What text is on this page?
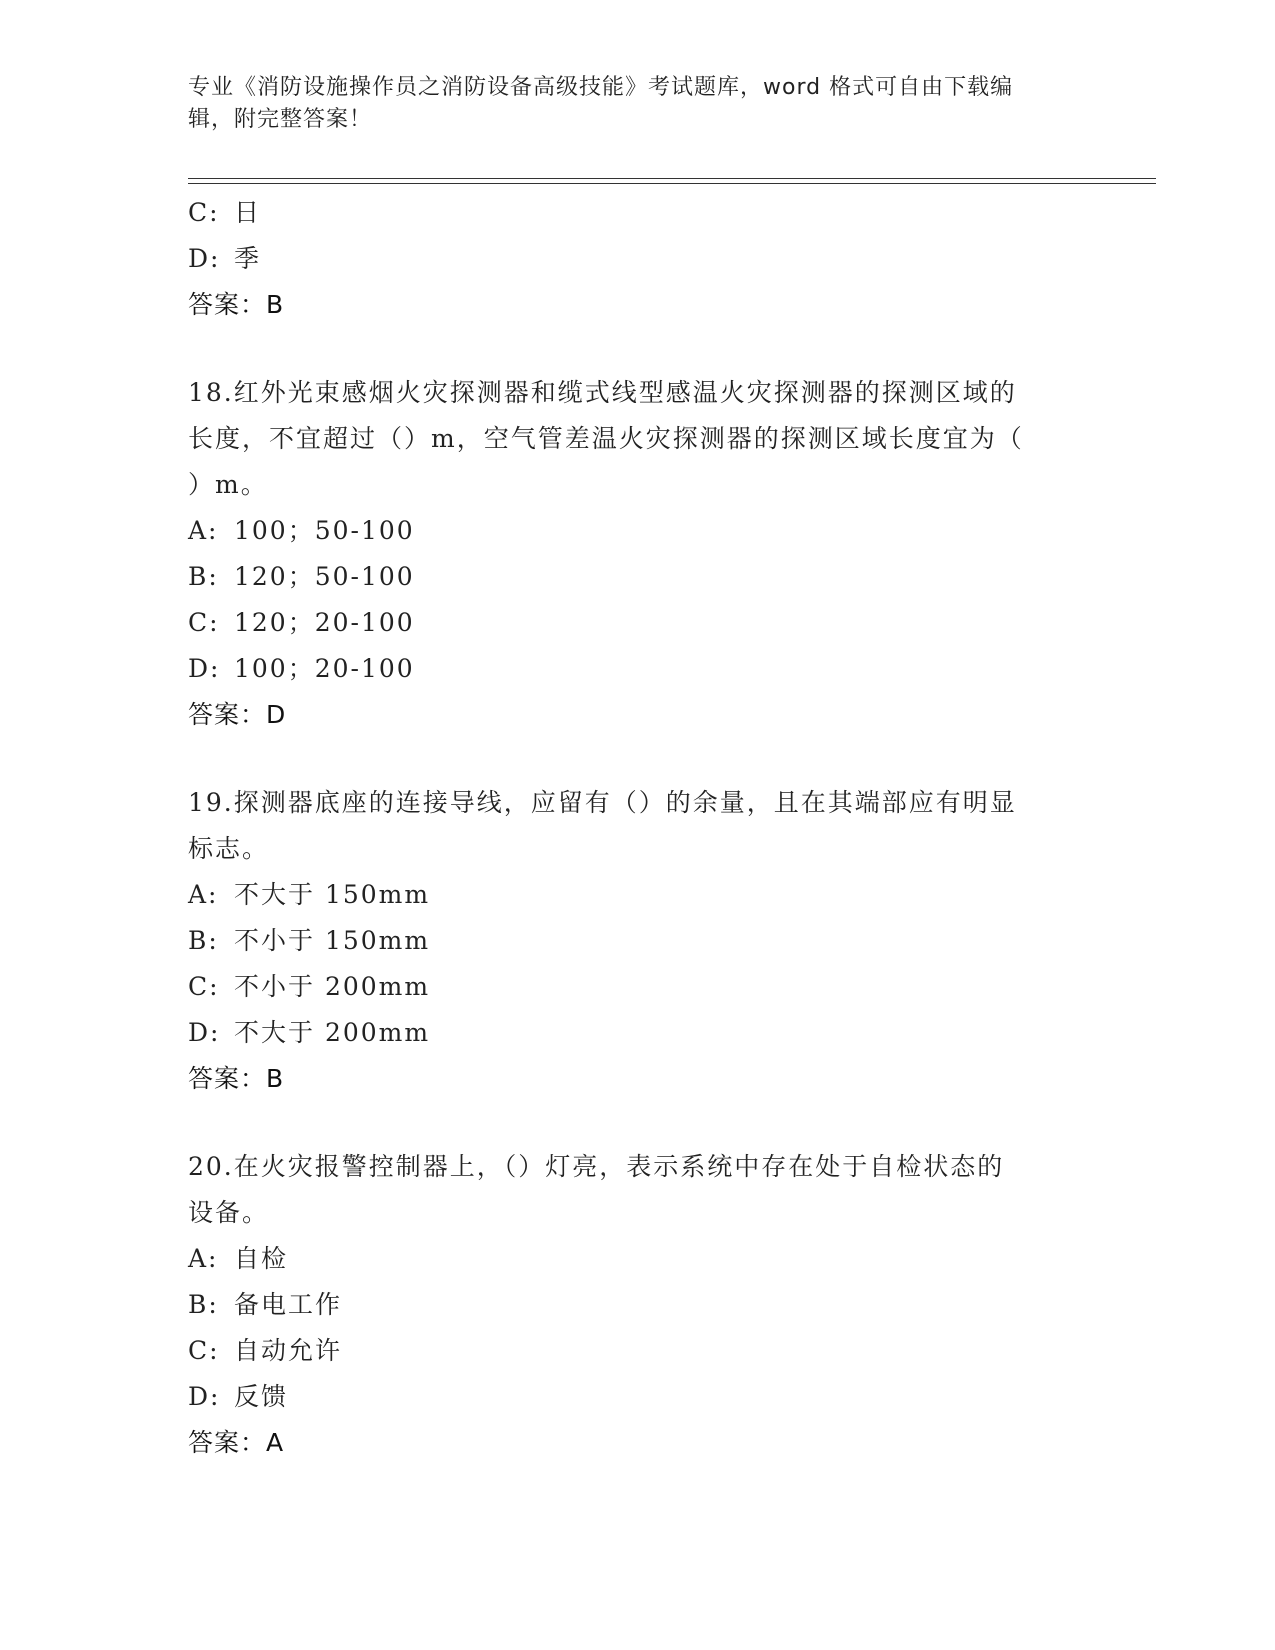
专业《消防设施操作员之消防设备高级技能》考试题库，word 格式可自由下载编
辑，附完整答案！
C: 日
D: 季
答案：B
18.红外光束感烟火灾探测器和缆式线型感温火灾探测器的探测区域的
长度，不宜超过（）m，空气管差温火灾探测器的探测区域长度宜为（
）m。
A: 100；50-100
B: 120；50-100
C: 120；20-100
D: 100；20-100
答案：D
19.探测器底座的连接导线，应留有（）的余量，且在其端部应有明显
标志。
A: 不大于 150mm
B: 不小于 150mm
C: 不小于 200mm
D: 不大于 200mm
答案：B
20.在火灾报警控制器上，（）灯亮，表示系统中存在处于自检状态的
设备。
A: 自检
B: 备电工作
C: 自动允许
D: 反馈
答案：A
